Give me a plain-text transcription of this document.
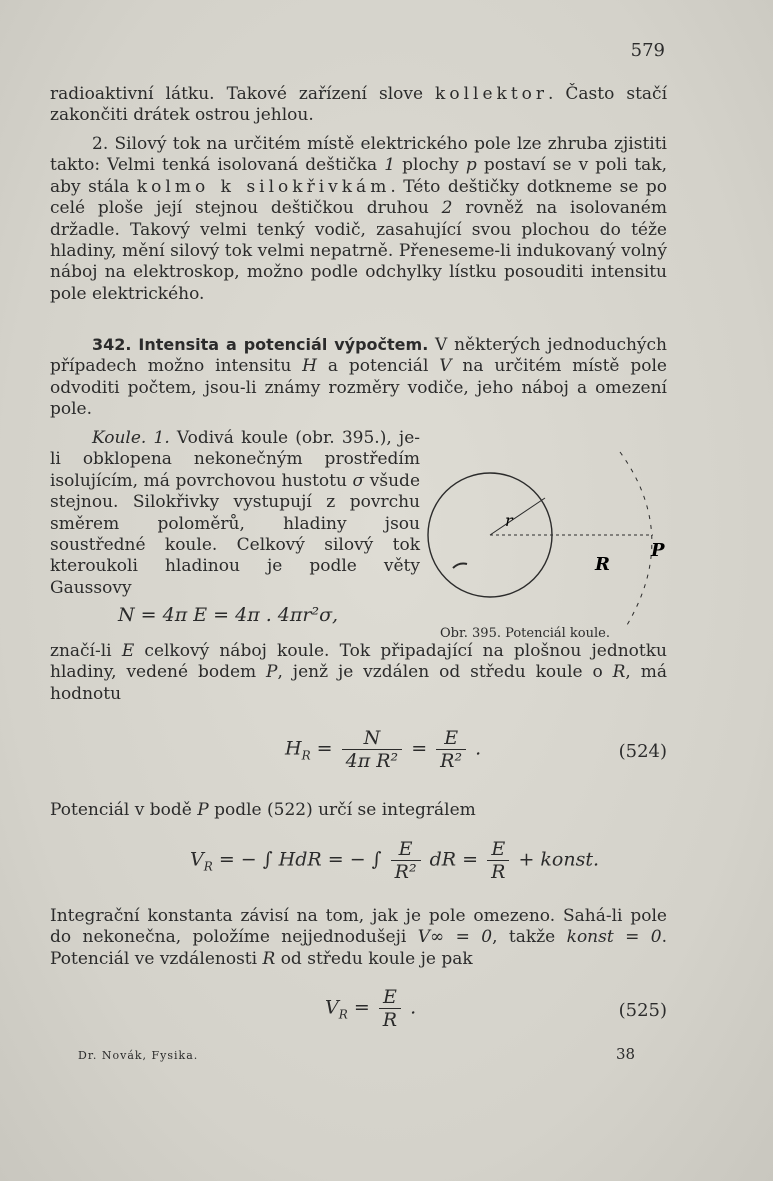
579

radioaktivní látku. Takové zařízení slove kollektor. Často stačí zakončiti drátek ostrou jehlou.

2. Silový tok na určitém místě elektrického pole lze zhruba zjistiti takto: Velmi tenká isolovaná deštička 1 plochy p postaví se v poli tak, aby stála kolmo k silokřivkám. Této deštičky dotkneme se po celé ploše její stejnou deštičkou druhou 2 rovněž na isolovaném držadle. Takový velmi tenký vodič, zasahující svou plochou do téže hladiny, mění silový tok velmi nepatrně. Přeneseme-li indukovaný volný náboj na elektroskop, možno podle odchylky lístku posouditi intensitu pole elektrického.

342. Intensita a potenciál výpočtem. V některých jednoduchých případech možno intensitu H a potenciál V na určitém místě pole odvoditi počtem, jsou-li známy rozměry vodiče, jeho náboj a omezení pole.

Koule. 1. Vodivá koule (obr. 395.), je-li obklopena nekonečným prostředím isolujícím, má povrchovou hustotu σ všude stejnou. Silokřivky vystupují z povrchu směrem poloměrů, hladiny jsou soustředné koule. Celkový silový tok kteroukoli hladinou je podle věty Gaussovy

N = 4π E = 4π . 4πr²σ,
r
R
P
Obr. 395. Potenciál koule.

značí-li E celkový náboj koule. Tok připadající na plošnou jednotku hladiny, vedené bodem P, jenž je vzdálen od středu koule o R, má hodnotu

$H_R = \frac{N}{\text{4π R²}} = \frac{E}{\text{R²}}$ .	(524)

Potenciál v bodě P podle (522) určí se integrálem

$V_R$ = − ∫ HdR = − ∫ $\frac{E}{\text{R²}}$ dR = $\frac{E}{R}$ + konst.

Integrační konstanta závisí na tom, jak je pole omezeno. Sahá-li pole do nekonečna, položíme nejjednodušeji V∞ = 0, takže konst = 0. Potenciál ve vzdálenosti R od středu koule je pak

$V_R = \frac{E}{R}$ .	(525)
Dr. Novák, Fysika.	38
